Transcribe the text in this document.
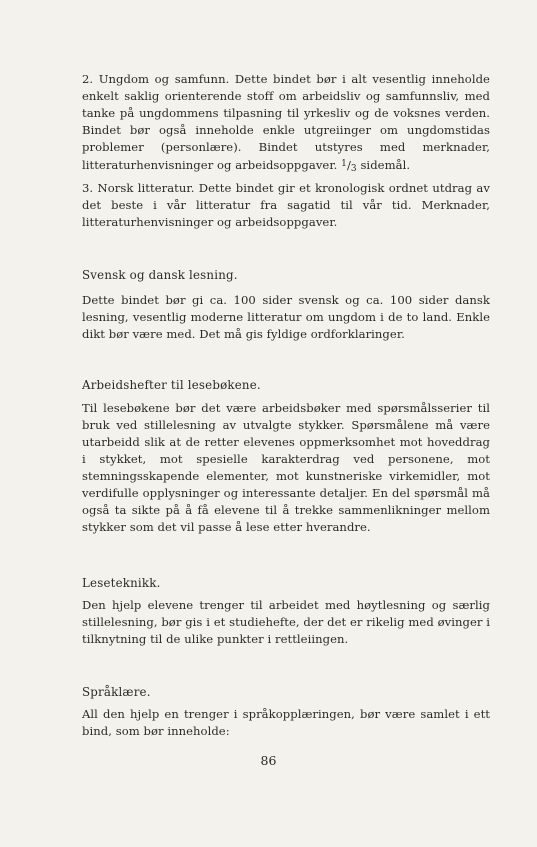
2. Ungdom og samfunn. Dette bindet bør i alt vesentlig inneholde enkelt saklig orienterende stoff om arbeidsliv og samfunnsliv, med tanke på ungdommens tilpasning til yrkesliv og de voksnes verden. Bindet bør også inneholde enkle utgreiinger om ungdomstidas problemer (personlære). Bindet utstyres med merknader, litteraturhenvisninger og arbeidsoppgaver. $^1$/3 sidemål.

3. Norsk litteratur. Dette bindet gir et kronologisk ordnet utdrag av det beste i vår litteratur fra sagatid til vår tid. Merknader, litteraturhenvisninger og arbeidsoppgaver.

Svensk og dansk lesning.

Dette bindet bør gi ca. 100 sider svensk og ca. 100 sider dansk lesning, vesentlig moderne litteratur om ungdom i de to land. Enkle dikt bør være med. Det må gis fyldige ordforklaringer.

Arbeidshefter til lesebøkene.

Til lesebøkene bør det være arbeidsbøker med spørsmålsserier til bruk ved stillelesning av utvalgte stykker. Spørsmålene må være utarbeidd slik at de retter elevenes oppmerksomhet mot hoveddrag i stykket, mot spesielle karakterdrag ved personene, mot stemningsskapende elementer, mot kunstneriske virkemidler, mot verdifulle opplysninger og interessante detaljer. En del spørsmål må også ta sikte på å få elevene til å trekke sammenlikninger mellom stykker som det vil passe å lese etter hverandre.

Leseteknikk.

Den hjelp elevene trenger til arbeidet med høytlesning og særlig stillelesning, bør gis i et studiehefte, der det er rikelig med øvinger i tilknytning til de ulike punkter i rettleiingen.

Språklære.

All den hjelp en trenger i språkopplæringen, bør være samlet i ett bind, som bør inneholde:

86
